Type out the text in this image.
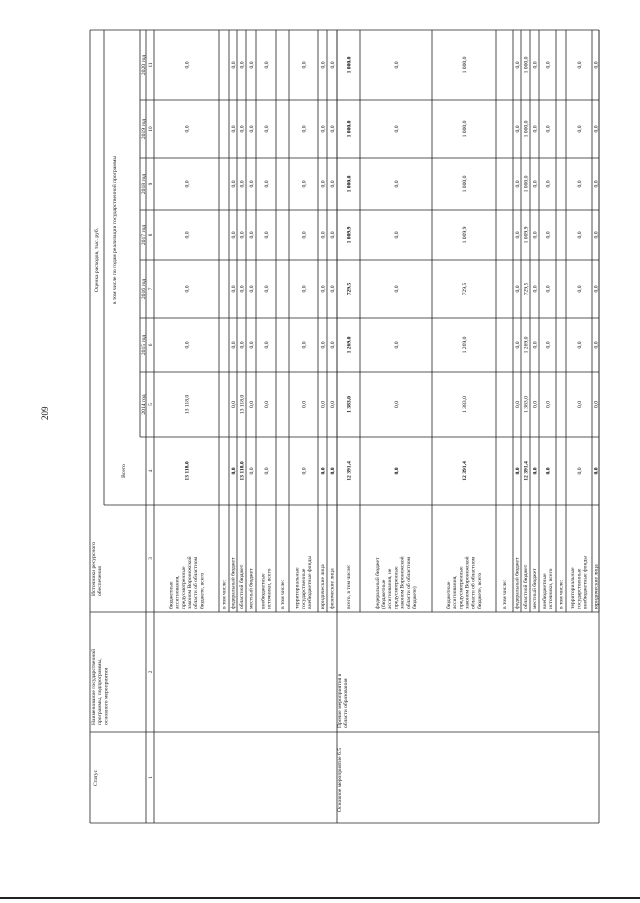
209
Статус
Наименование государственной программы, подпрограммы, основного мероприятия
Источники ресурсного обеспечения
Оценка расходов, тыс. руб.
Всего
в том числе по годам реализации государственной программы
2014 год
2015 год
2016 год
2017 год
2018 год
2019 год
2020 год
1
2
3
4
5
6
7
8
9
10
11
бюджетные ассигнования, предусмотренные законом Воронежской области об областном бюджете, всего
13 118,0
13 118,0
0,0
0,0
0,0
0,0
0,0
0,0
в том числе: федеральный бюджет
0,0
0,0
0,0
0,0
0,0
0,0
0,0
0,0
областной бюджет
13 118,0
13 118,0
0,0
0,0
0,0
0,0
0,0
0,0
местный бюджет
0,0
0,0
0,0
0,0
0,0
0,0
0,0
0,0
внебюджетные источники, всего
0,0
0,0
0,0
0,0
0,0
0,0
0,0
0,0
в том числе: территориальные государственные внебюджетные фонды
0,0
0,0
0,0
0,0
0,0
0,0
0,0
0,0
юридические лица
0,0
0,0
0,0
0,0
0,0
0,0
0,0
0,0
физические лица
0,0
0,0
0,0
0,0
0,0
0,0
0,0
0,0
всего, в том числе:
12 391,4
1 383,0
1 269,0
729,5
1 009,9
1 000,0
1 000,0
1 000,0
федеральный бюджет (бюджетные ассигнования, не предусмотренные законом Воронежской области об областном бюджете)
0,0
0,0
0,0
0,0
0,0
0,0
0,0
0,0
бюджетные ассигнования, предусмотренные законом Воронежской области об областном бюджете, всего
12 391,4
1 383,0
1 269,0
729,5
1 009,9
1 000,0
1 000,0
1 000,0
в том числе: федеральный бюджет
0,0
0,0
0,0
0,0
0,0
0,0
0,0
0,0
областной бюджет
12 391,4
1 383,0
1 269,0
729,5
1 009,9
1 000,0
1 000,0
1 000,0
местный бюджет
0,0
0,0
0,0
0,0
0,0
0,0
0,0
0,0
внебюджетные источники, всего
0,0
0,0
0,0
0,0
0,0
0,0
0,0
0,0
в том числе: территориальные государственные внебюджетные фонды
0,0
0,0
0,0
0,0
0,0
0,0
0,0
0,0
юридические лица
0,0
0,0
0,0
0,0
0,0
0,0
0,0
0,0
Основное мероприятие 6.5
Прочие мероприятия в области образования
